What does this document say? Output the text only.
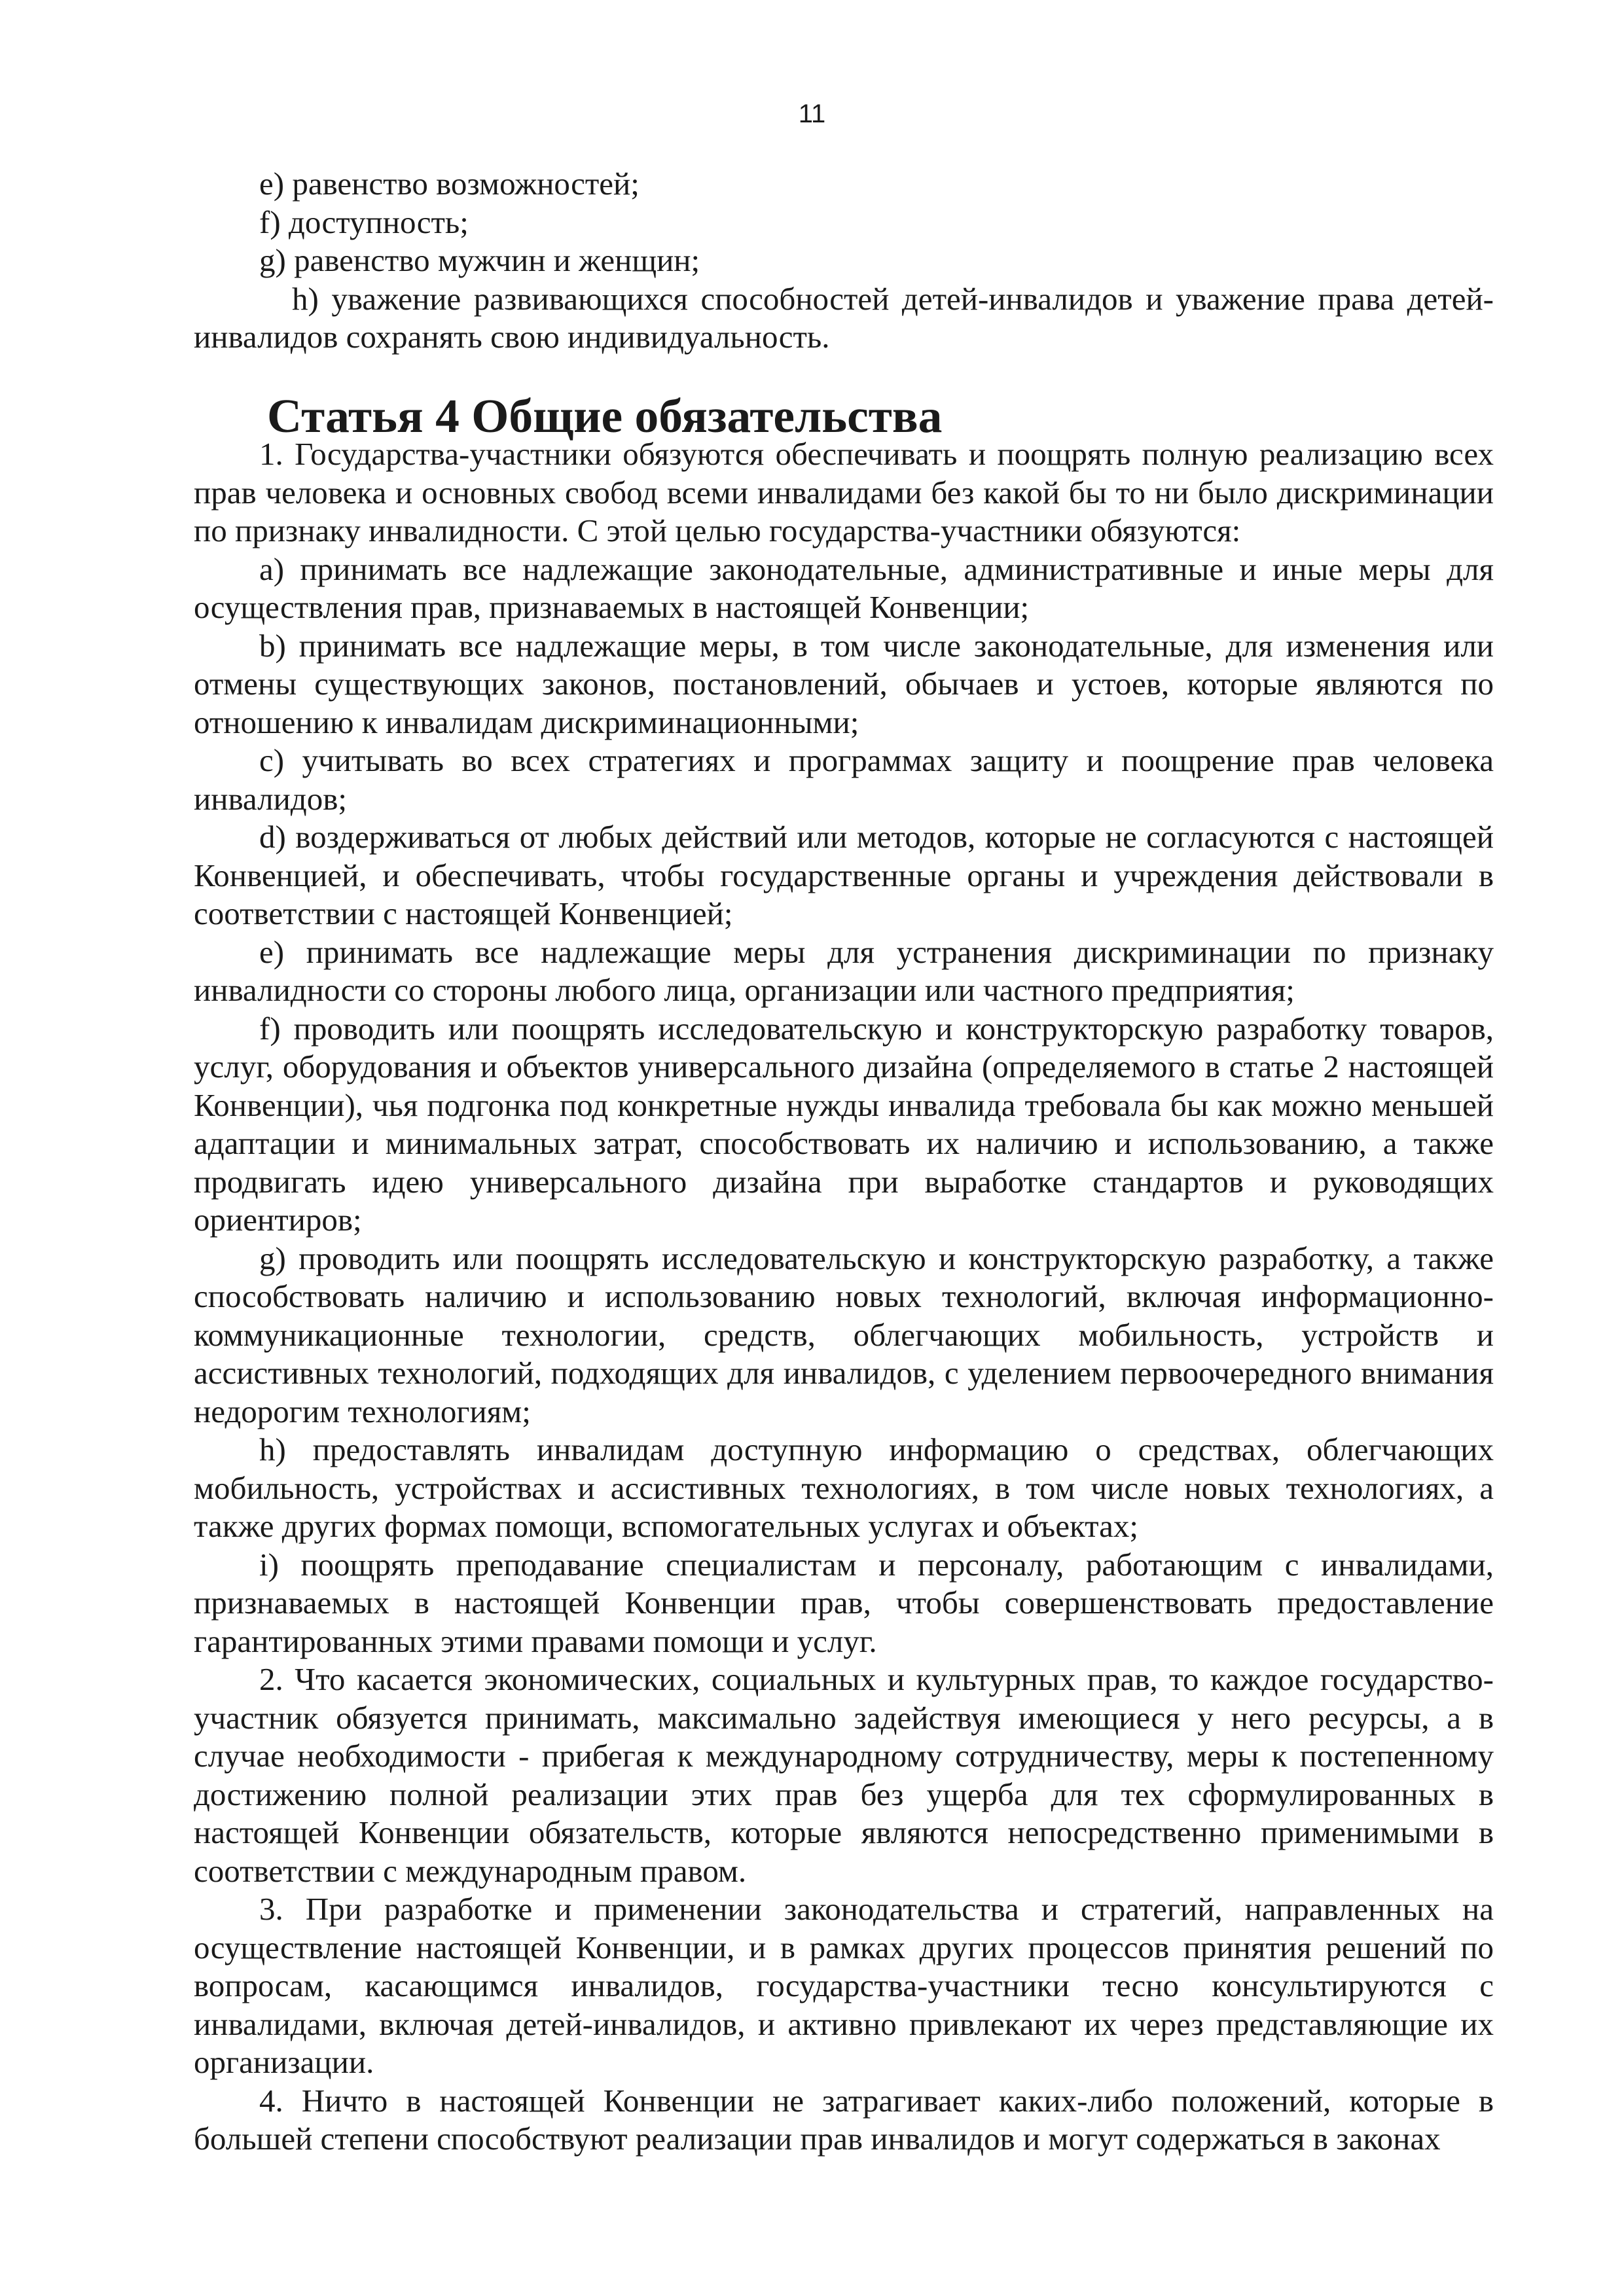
11

e) равенство возможностей;

f) доступность;

g) равенство мужчин и женщин;

h) уважение развивающихся способностей детей-инвалидов и уважение права детей-инвалидов сохранять свою индивидуальность.

Статья 4 Общие обязательства

1. Государства-участники обязуются обеспечивать и поощрять полную реализацию всех прав человека и основных свобод всеми инвалидами без какой бы то ни было дискриминации по признаку инвалидности. С этой целью государства-участники обязуются:

a) принимать все надлежащие законодательные, административные и иные меры для осуществления прав, признаваемых в настоящей Конвенции;

b) принимать все надлежащие меры, в том числе законодательные, для изменения или отмены существующих законов, постановлений, обычаев и устоев, которые являются по отношению к инвалидам дискриминационными;

c) учитывать во всех стратегиях и программах защиту и поощрение прав человека инвалидов;

d) воздерживаться от любых действий или методов, которые не согласуются с настоящей Конвенцией, и обеспечивать, чтобы государственные органы и учреждения действовали в соответствии с настоящей Конвенцией;

e) принимать все надлежащие меры для устранения дискриминации по признаку инвалидности со стороны любого лица, организации или частного предприятия;

f) проводить или поощрять исследовательскую и конструкторскую разработку товаров, услуг, оборудования и объектов универсального дизайна (определяемого в статье 2 настоящей Конвенции), чья подгонка под конкретные нужды инвалида требовала бы как можно меньшей адаптации и минимальных затрат, способствовать их наличию и использованию, а также продвигать идею универсального дизайна при выработке стандартов и руководящих ориентиров;

g) проводить или поощрять исследовательскую и конструкторскую разработку, а также способствовать наличию и использованию новых технологий, включая информационно-коммуникационные технологии, средств, облегчающих мобильность, устройств и ассистивных технологий, подходящих для инвалидов, с уделением первоочередного внимания недорогим технологиям;

h) предоставлять инвалидам доступную информацию о средствах, облегчающих мобильность, устройствах и ассистивных технологиях, в том числе новых технологиях, а также других формах помощи, вспомогательных услугах и объектах;

i) поощрять преподавание специалистам и персоналу, работающим с инвалидами, признаваемых в настоящей Конвенции прав, чтобы совершенствовать предоставление гарантированных этими правами помощи и услуг.

2. Что касается экономических, социальных и культурных прав, то каждое государство-участник обязуется принимать, максимально задействуя имеющиеся у него ресурсы, а в случае необходимости - прибегая к международному сотрудничеству, меры к постепенному достижению полной реализации этих прав без ущерба для тех сформулированных в настоящей Конвенции обязательств, которые являются непосредственно применимыми в соответствии с международным правом.

3. При разработке и применении законодательства и стратегий, направленных на осуществление настоящей Конвенции, и в рамках других процессов принятия решений по вопросам, касающимся инвалидов, государства-участники тесно консультируются с инвалидами, включая детей-инвалидов, и активно привлекают их через представляющие их организации.

4. Ничто в настоящей Конвенции не затрагивает каких-либо положений, которые в большей степени способствуют реализации прав инвалидов и могут содержаться в законах
